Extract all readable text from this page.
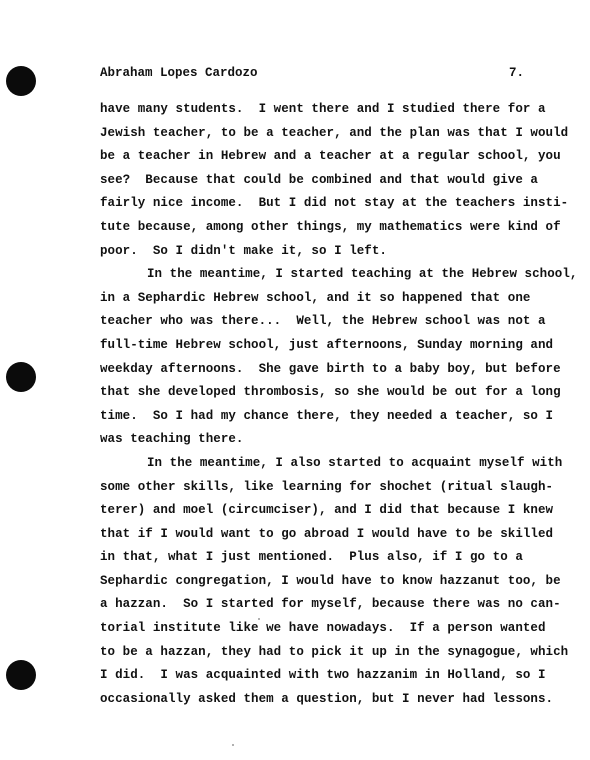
Abraham Lopes Cardozo	7.
have many students.  I went there and I studied there for a
Jewish teacher, to be a teacher, and the plan was that I would
be a teacher in Hebrew and a teacher at a regular school, you
see?  Because that could be combined and that would give a
fairly nice income.  But I did not stay at the teachers insti-
tute because, among other things, my mathematics were kind of
poor.  So I didn't make it, so I left.
In the meantime, I started teaching at the Hebrew school,
in a Sephardic Hebrew school, and it so happened that one
teacher who was there...  Well, the Hebrew school was not a
full-time Hebrew school, just afternoons, Sunday morning and
weekday afternoons.  She gave birth to a baby boy, but before
that she developed thrombosis, so she would be out for a long
time.  So I had my chance there, they needed a teacher, so I
was teaching there.
In the meantime, I also started to acquaint myself with
some other skills, like learning for shochet (ritual slaugh-
terer) and moel (circumciser), and I did that because I knew
that if I would want to go abroad I would have to be skilled
in that, what I just mentioned.  Plus also, if I go to a
Sephardic congregation, I would have to know hazzanut too, be
a hazzan.  So I started for myself, because there was no can-
torial institute like we have nowadays.  If a person wanted
to be a hazzan, they had to pick it up in the synagogue, which
I did.  I was acquainted with two hazzanim in Holland, so I
occasionally asked them a question, but I never had lessons.
